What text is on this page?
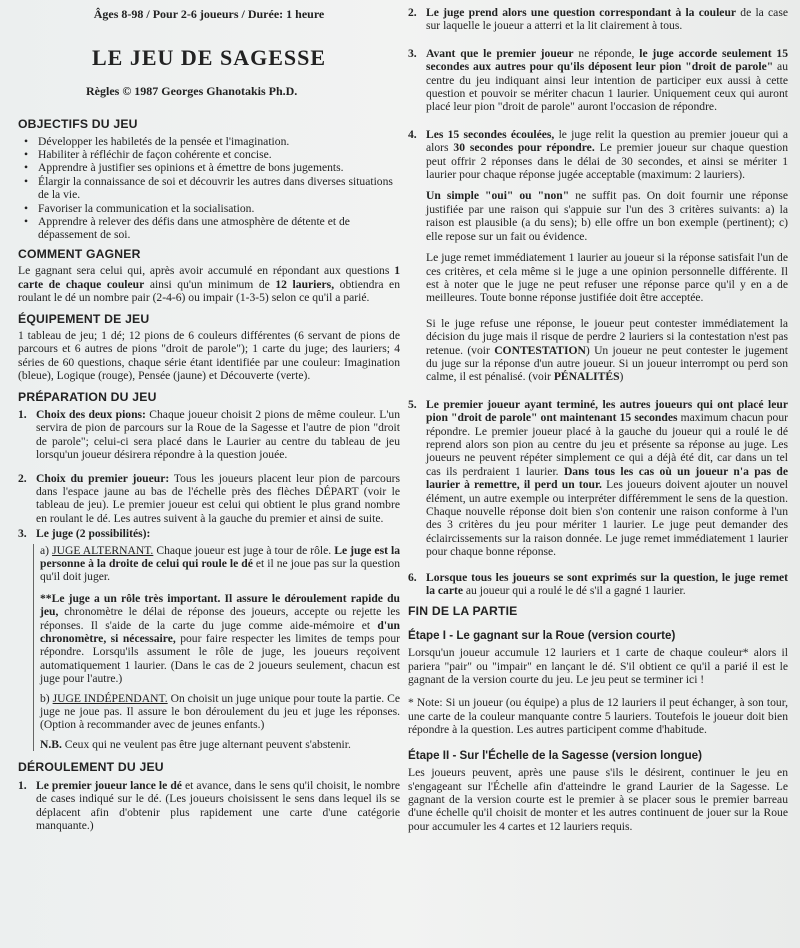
Âges 8-98 / Pour 2-6 joueurs / Durée: 1 heure

LE JEU DE SAGESSE

Règles © 1987 Georges Ghanotakis Ph.D.

OBJECTIFS DU JEU
• Développer les habiletés de la pensée et l'imagination.
• Habiliter à réfléchir de façon cohérente et concise.
• Apprendre à justifier ses opinions et à émettre de bons jugements.
• Élargir la connaissance de soi et découvrir les autres dans diverses situations de la vie.
• Favoriser la communication et la socialisation.
• Apprendre à relever des défis dans une atmosphère de détente et de dépassement de soi.
COMMENT GAGNER

Le gagnant sera celui qui, après avoir accumulé en répondant aux questions 1 carte de chaque couleur ainsi qu'un minimum de 12 lauriers, obtiendra en roulant le dé un nombre pair (2-4-6) ou impair (1-3-5) selon ce qu'il a parié.

ÉQUIPEMENT DE JEU

1 tableau de jeu; 1 dé; 12 pions de 6 couleurs différentes (6 servant de pions de parcours et 6 autres de pions "droit de parole"); 1 carte du juge; des lauriers; 4 séries de 60 questions, chaque série étant identifiée par une couleur: Imagination (bleue), Logique (rouge), Pensée (jaune) et Découverte (verte).

PRÉPARATION DU JEU
1. Choix des deux pions: Chaque joueur choisit 2 pions de même couleur. L'un servira de pion de parcours sur la Roue de la Sagesse et l'autre de pion "droit de parole"; celui-ci sera placé dans le Laurier au centre du tableau de jeu lorsqu'un joueur désirera répondre à la question jouée.

2. Choix du premier joueur: Tous les joueurs placent leur pion de parcours dans l'espace jaune au bas de l'échelle près des flèches DÉPART (voir le tableau de jeu). Le premier joueur est celui qui obtient le plus grand nombre en roulant le dé. Les autres suivent à la gauche du premier et ainsi de suite.

3. Le juge (2 possibilités):

a) JUGE ALTERNANT. Chaque joueur est juge à tour de rôle. Le juge est la personne à la droite de celui qui roule le dé et il ne joue pas sur la question qu'il doit juger.

**Le juge a un rôle très important. Il assure le déroulement rapide du jeu, chronomètre le délai de réponse des joueurs, accepte ou rejette les réponses. Il s'aide de la carte du juge comme aide-mémoire et d'un chronomètre, si nécessaire, pour faire respecter les limites de temps pour répondre. Lorsqu'ils assument le rôle de juge, les joueurs reçoivent automatiquement 1 laurier. (Dans le cas de 2 joueurs seulement, chacun est juge pour l'autre.)

b) JUGE INDÉPENDANT. On choisit un juge unique pour toute la partie. Ce juge ne joue pas. Il assure le bon déroulement du jeu et juge les réponses. (Option à recommander avec de jeunes enfants.)

N.B. Ceux qui ne veulent pas être juge alternant peuvent s'abstenir.

DÉROULEMENT DU JEU
1. Le premier joueur lance le dé et avance, dans le sens qu'il choisit, le nombre de cases indiqué sur le dé. (Les joueurs choisissent le sens dans lequel ils se déplacent afin d'obtenir plus rapidement une carte d'une catégorie manquante.)

2. Le juge prend alors une question correspondant à la couleur de la case sur laquelle le joueur a atterri et la lit clairement à tous.

3. Avant que le premier joueur ne réponde, le juge accorde seulement 15 secondes aux autres pour qu'ils déposent leur pion "droit de parole" au centre du jeu indiquant ainsi leur intention de participer eux aussi à cette question et pouvoir se mériter chacun 1 laurier. Uniquement ceux qui auront placé leur pion "droit de parole" auront l'occasion de répondre.

4. Les 15 secondes écoulées, le juge relit la question au premier joueur qui a alors 30 secondes pour répondre. Le premier joueur sur chaque question peut offrir 2 réponses dans le délai de 30 secondes, et ainsi se mériter 1 laurier pour chaque réponse jugée acceptable (maximum: 2 lauriers).

Un simple "oui" ou "non" ne suffit pas. On doit fournir une réponse justifiée par une raison qui s'appuie sur l'un des 3 critères suivants: a) la raison est plausible (a du sens); b) elle offre un bon exemple (pertinent); c) elle repose sur un fait ou évidence.

Le juge remet immédiatement 1 laurier au joueur si la réponse satisfait l'un de ces critères, et cela même si le juge a une opinion personnelle différente. Il est à noter que le juge ne peut refuser une réponse parce qu'il y en a de meilleures. Toute bonne réponse justifiée doit être acceptée.

Si le juge refuse une réponse, le joueur peut contester immédiatement la décision du juge mais il risque de perdre 2 lauriers si la contestation n'est pas retenue. (voir CONTESTATION) Un joueur ne peut contester le jugement du juge sur la réponse d'un autre joueur. Si un joueur interrompt ou perd son calme, il est pénalisé. (voir PÉNALITÉS)

5. Le premier joueur ayant terminé, les autres joueurs qui ont placé leur pion "droit de parole" ont maintenant 15 secondes maximum chacun pour répondre. Le premier joueur placé à la gauche du joueur qui a roulé le dé reprend alors son pion au centre du jeu et présente sa réponse au juge. Les joueurs ne peuvent répéter simplement ce qui a déjà été dit, car dans un tel cas ils perdraient 1 laurier. Dans tous les cas où un joueur n'a pas de laurier à remettre, il perd un tour. Les joueurs doivent ajouter un nouvel élément, un autre exemple ou interpréter différemment le sens de la question. Chaque nouvelle réponse doit bien s'on contenir une raison conforme à l'un des 3 critères du jeu pour mériter 1 laurier. Le juge peut demander des éclaircissements sur la raison donnée. Le juge remet immédiatement 1 laurier pour chaque bonne réponse.

6. Lorsque tous les joueurs se sont exprimés sur la question, le juge remet la carte au joueur qui a roulé le dé s'il a gagné 1 laurier.

FIN DE LA PARTIE
Étape I - Le gagnant sur la Roue (version courte)

Lorsqu'un joueur accumule 12 lauriers et 1 carte de chaque couleur* alors il pariera "pair" ou "impair" en lançant le dé. S'il obtient ce qu'il a parié il est le gagnant de la version courte du jeu. Le jeu peut se terminer ici !

* Note: Si un joueur (ou équipe) a plus de 12 lauriers il peut échanger, à son tour, une carte de la couleur manquante contre 5 lauriers. Toutefois le joueur doit bien répondre à la question. Les autres participent comme d'habitude.

Étape II - Sur l'Échelle de la Sagesse (version longue)

Les joueurs peuvent, après une pause s'ils le désirent, continuer le jeu en s'engageant sur l'Échelle afin d'atteindre le grand Laurier de la Sagesse. Le gagnant de la version courte est le premier à se placer sous le premier barreau d'une échelle qu'il choisit de monter et les autres continuent de jouer sur la Roue pour accumuler les 4 cartes et 12 lauriers requis.
